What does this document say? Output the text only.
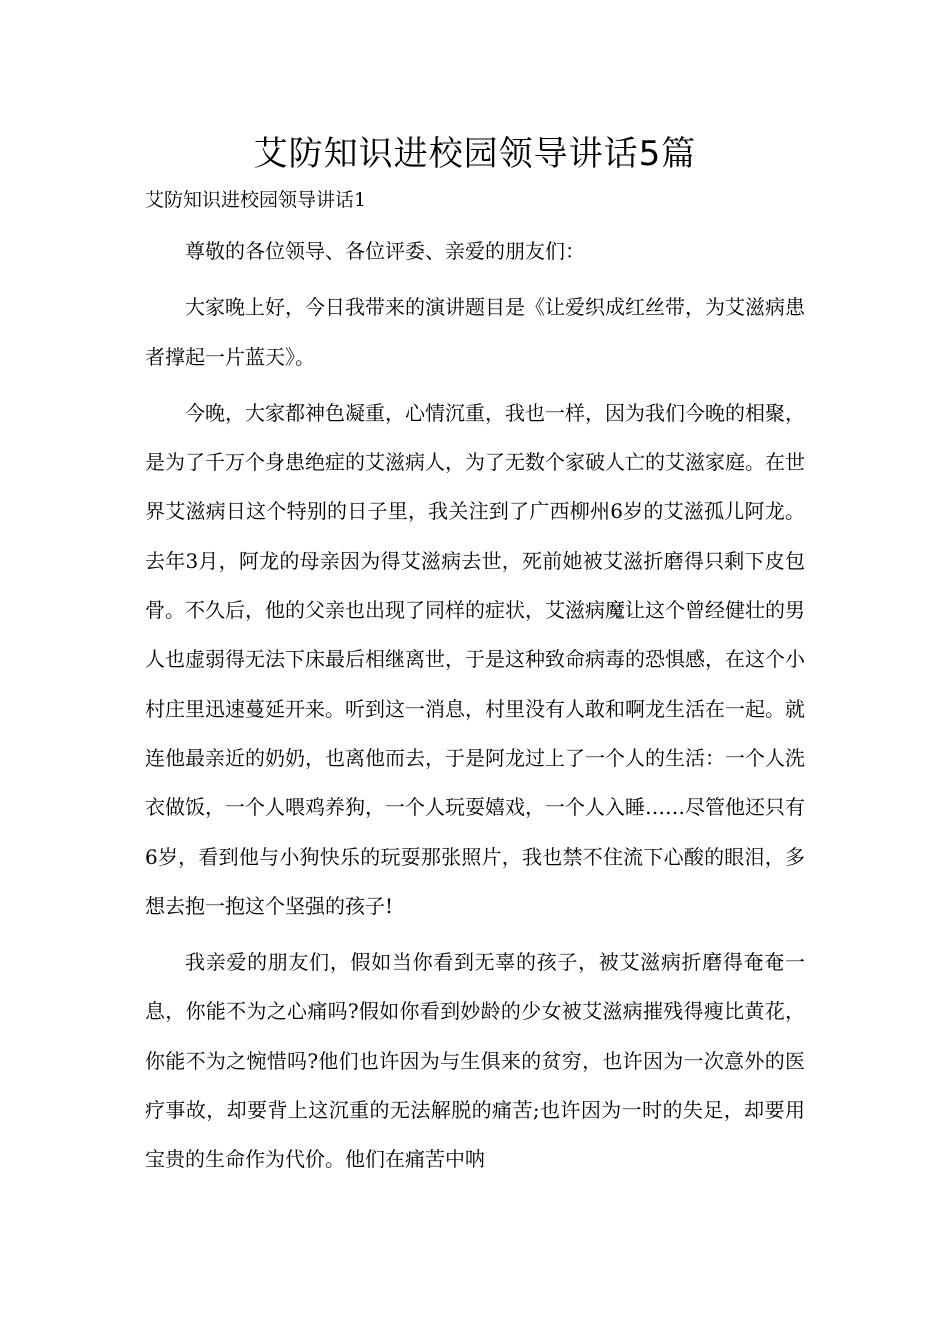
艾防知识进校园领导讲话5篇

艾防知识进校园领导讲话1

尊敬的各位领导、各位评委、亲爱的朋友们：

大家晚上好，今日我带来的演讲题目是《让爱织成红丝带，为艾滋病患者撑起一片蓝天》。

今晚，大家都神色凝重，心情沉重，我也一样，因为我们今晚的相聚，是为了千万个身患绝症的艾滋病人，为了无数个家破人亡的艾滋家庭。在世界艾滋病日这个特别的日子里，我关注到了广西柳州6岁的艾滋孤儿阿龙。去年3月，阿龙的母亲因为得艾滋病去世，死前她被艾滋折磨得只剩下皮包骨。不久后，他的父亲也出现了同样的症状，艾滋病魔让这个曾经健壮的男人也虚弱得无法下床最后相继离世，于是这种致命病毒的恐惧感，在这个小村庄里迅速蔓延开来。听到这一消息，村里没有人敢和啊龙生活在一起。就连他最亲近的奶奶，也离他而去，于是阿龙过上了一个人的生活：一个人洗衣做饭，一个人喂鸡养狗，一个人玩耍嬉戏，一个人入睡……尽管他还只有6岁，看到他与小狗快乐的玩耍那张照片，我也禁不住流下心酸的眼泪，多想去抱一抱这个坚强的孩子!

我亲爱的朋友们，假如当你看到无辜的孩子，被艾滋病折磨得奄奄一息，你能不为之心痛吗?假如你看到妙龄的少女被艾滋病摧残得瘦比黄花，你能不为之惋惜吗?他们也许因为与生俱来的贫穷，也许因为一次意外的医疗事故，却要背上这沉重的无法解脱的痛苦;也许因为一时的失足，却要用宝贵的生命作为代价。他们在痛苦中呐
